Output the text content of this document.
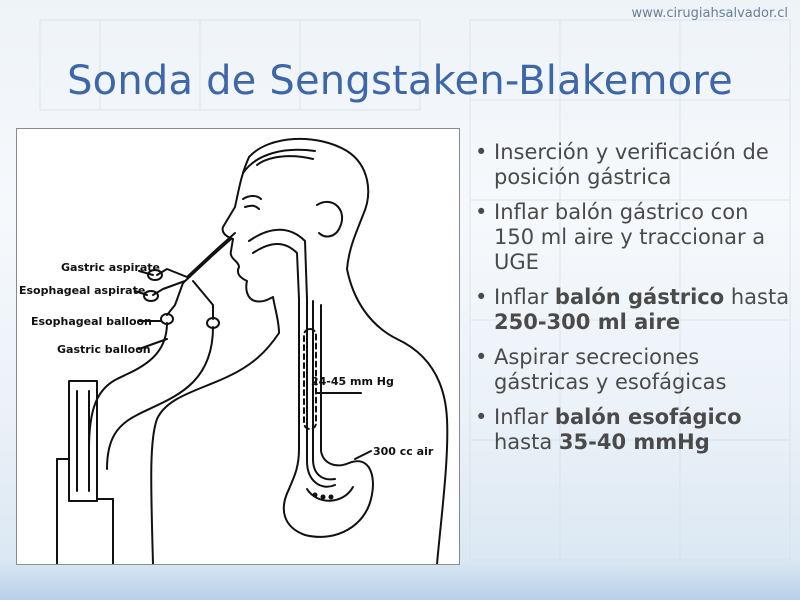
www.cirugiahsalvador.cl
Sonda de Sengstaken-Blakemore
Gastric aspirate
Esophageal aspirate
Esophageal balloon
Gastric balloon
24-45 mm Hg
300 cc air
• Inserción y verificación de posición gástrica
• Inflar balón gástrico con 150 ml aire y traccionar a UGE
• Inflar balón gástrico hasta 250-300 ml aire
• Aspirar secreciones gástricas y esofágicas
• Inflar balón esofágico hasta 35-40 mmHg
